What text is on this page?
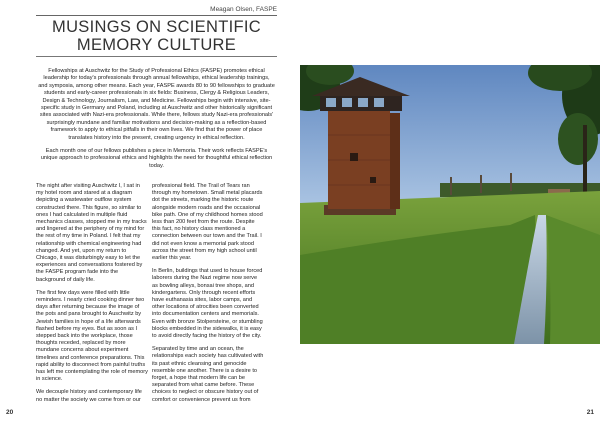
Meagan Olsen, FASPE
MUSINGS ON SCIENTIFIC
MEMORY CULTURE

Fellowships at Auschwitz for the Study of Professional Ethics (FASPE) promotes ethical leadership for today's professionals through annual fellowships, ethical leadership trainings, and symposia, among other means. Each year, FASPE awards 80 to 90 fellowships to graduate students and early-career professionals in six fields: Business, Clergy & Religious Leaders, Design & Technology, Journalism, Law, and Medicine. Fellowships begin with intensive, site-specific study in Germany and Poland, including at Auschwitz and other historically significant sites associated with Nazi-era professionals. While there, fellows study Nazi-era professionals' surprisingly mundane and familiar motivations and decision-making as a reflection-based framework to apply to ethical pitfalls in their own lives. We find that the power of place translates history into the present, creating urgency in ethical reflection.

Each month one of our fellows publishes a piece in Memoria. Their work reflects FASPE's unique approach to professional ethics and highlights the need for thoughtful ethical reflection today.

The night after visiting Auschwitz I, I sat in my hotel room and stared at a diagram depicting a wastewater outflow system constructed there. This figure, so similar to ones I had calculated in multiple fluid mechanics classes, stopped me in my tracks and lingered at the periphery of my mind for the rest of my time in Poland. I felt that my relationship with chemical engineering had changed. And yet, upon my return to Chicago, it was disturbingly easy to let the experiences and conversations fostered by the FASPE program fade into the background of daily life.

The first few days were filled with little reminders. I nearly cried cooking dinner two days after returning because the image of the pots and pans brought to Auschwitz by Jewish families in hope of a life afterwards flashed before my eyes. But as soon as I stepped back into the workplace, those thoughts receded, replaced by more mundane concerns about experiment timelines and conference preparations. This rapid ability to disconnect from painful truths has left me contemplating the role of memory in science.

We decouple history and contemporary life no matter the society we come from or our

professional field. The Trail of Tears ran through my hometown. Small metal placards dot the streets, marking the historic route alongside modern roads and the occasional bike path. One of my childhood homes stood less than 200 feet from the route. Despite this fact, no history class mentioned a connection between our town and the Trail. I did not even know a memorial park stood across the street from my high school until earlier this year.

In Berlin, buildings that used to house forced laborers during the Nazi regime now serve as bowling alleys, bonsai tree shops, and kindergartens. Only through recent efforts have euthanasia sites, labor camps, and other locations of atrocities been converted into documentation centers and memorials. Even with bronze Stolpersteine, or stumbling blocks embedded in the sidewalks, it is easy to avoid directly facing the history of the city.

Separated by time and an ocean, the relationships each society has cultivated with its past ethnic cleansing and genocide resemble one another. There is a desire to forget, a hope that modern life can be separated from what came before. These choices to neglect or obscure history out of comfort or convenience prevent us from

20	21
